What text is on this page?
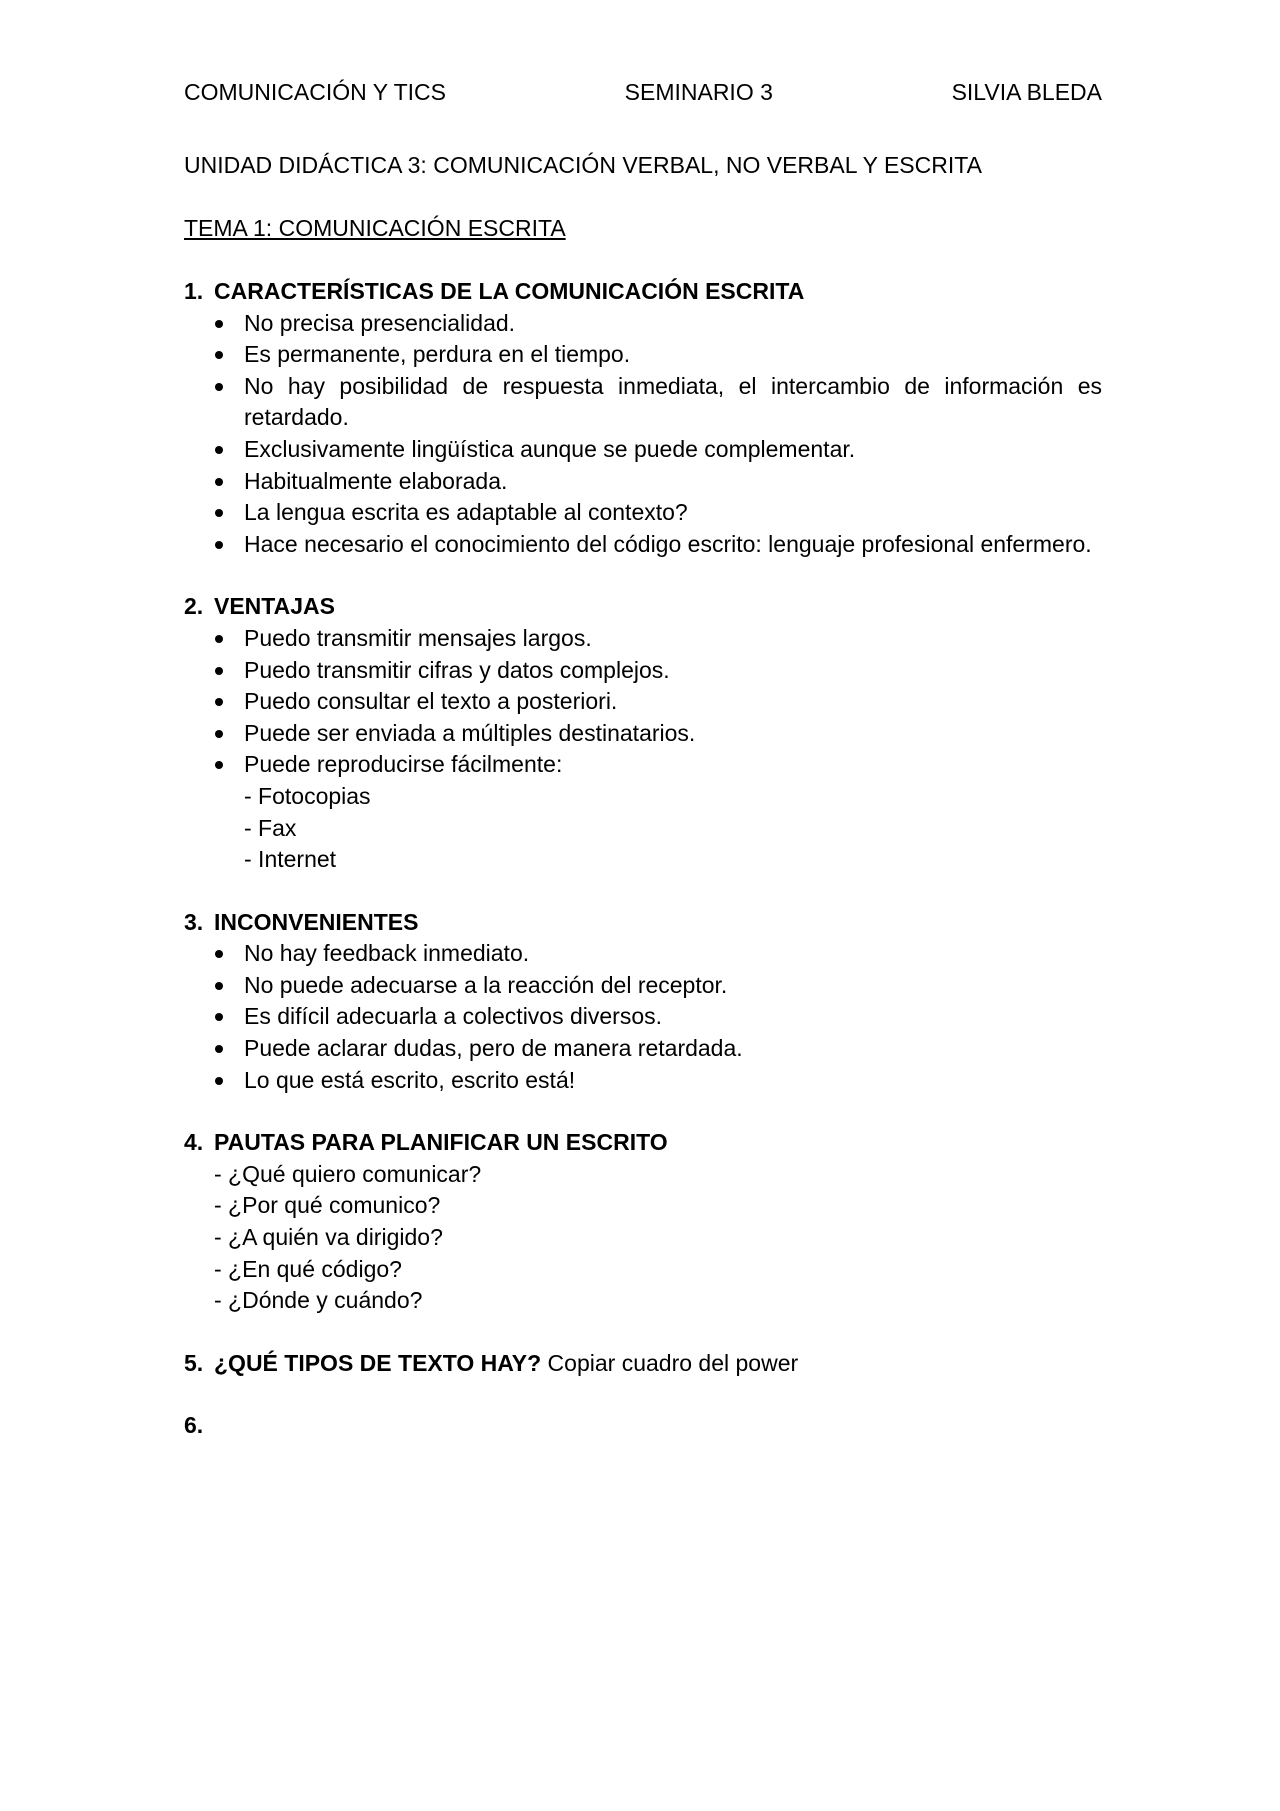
COMUNICACIÓN Y TICS	SEMINARIO 3	SILVIA BLEDA
UNIDAD DIDÁCTICA 3: COMUNICACIÓN VERBAL, NO VERBAL Y ESCRITA
TEMA 1: COMUNICACIÓN ESCRITA
1. CARACTERÍSTICAS DE LA COMUNICACIÓN ESCRITA
No precisa presencialidad.
Es permanente, perdura en el tiempo.
No hay posibilidad de respuesta inmediata, el intercambio de información es retardado.
Exclusivamente lingüística aunque se puede complementar.
Habitualmente elaborada.
La lengua escrita es adaptable al contexto?
Hace necesario el conocimiento del código escrito: lenguaje profesional enfermero.
2. VENTAJAS
Puedo transmitir mensajes largos.
Puedo transmitir cifras y datos complejos.
Puedo consultar el texto a posteriori.
Puede ser enviada a múltiples destinatarios.
Puede reproducirse fácilmente:
- Fotocopias
- Fax
- Internet
3. INCONVENIENTES
No hay feedback inmediato.
No puede adecuarse a la reacción del receptor.
Es difícil adecuarla a colectivos diversos.
Puede aclarar dudas, pero de manera retardada.
Lo que está escrito, escrito está!
4. PAUTAS PARA PLANIFICAR UN ESCRITO
- ¿Qué quiero comunicar?
- ¿Por qué comunico?
- ¿A quién va dirigido?
- ¿En qué código?
- ¿Dónde y cuándo?
5. ¿QUÉ TIPOS DE TEXTO HAY? Copiar cuadro del power
6.
